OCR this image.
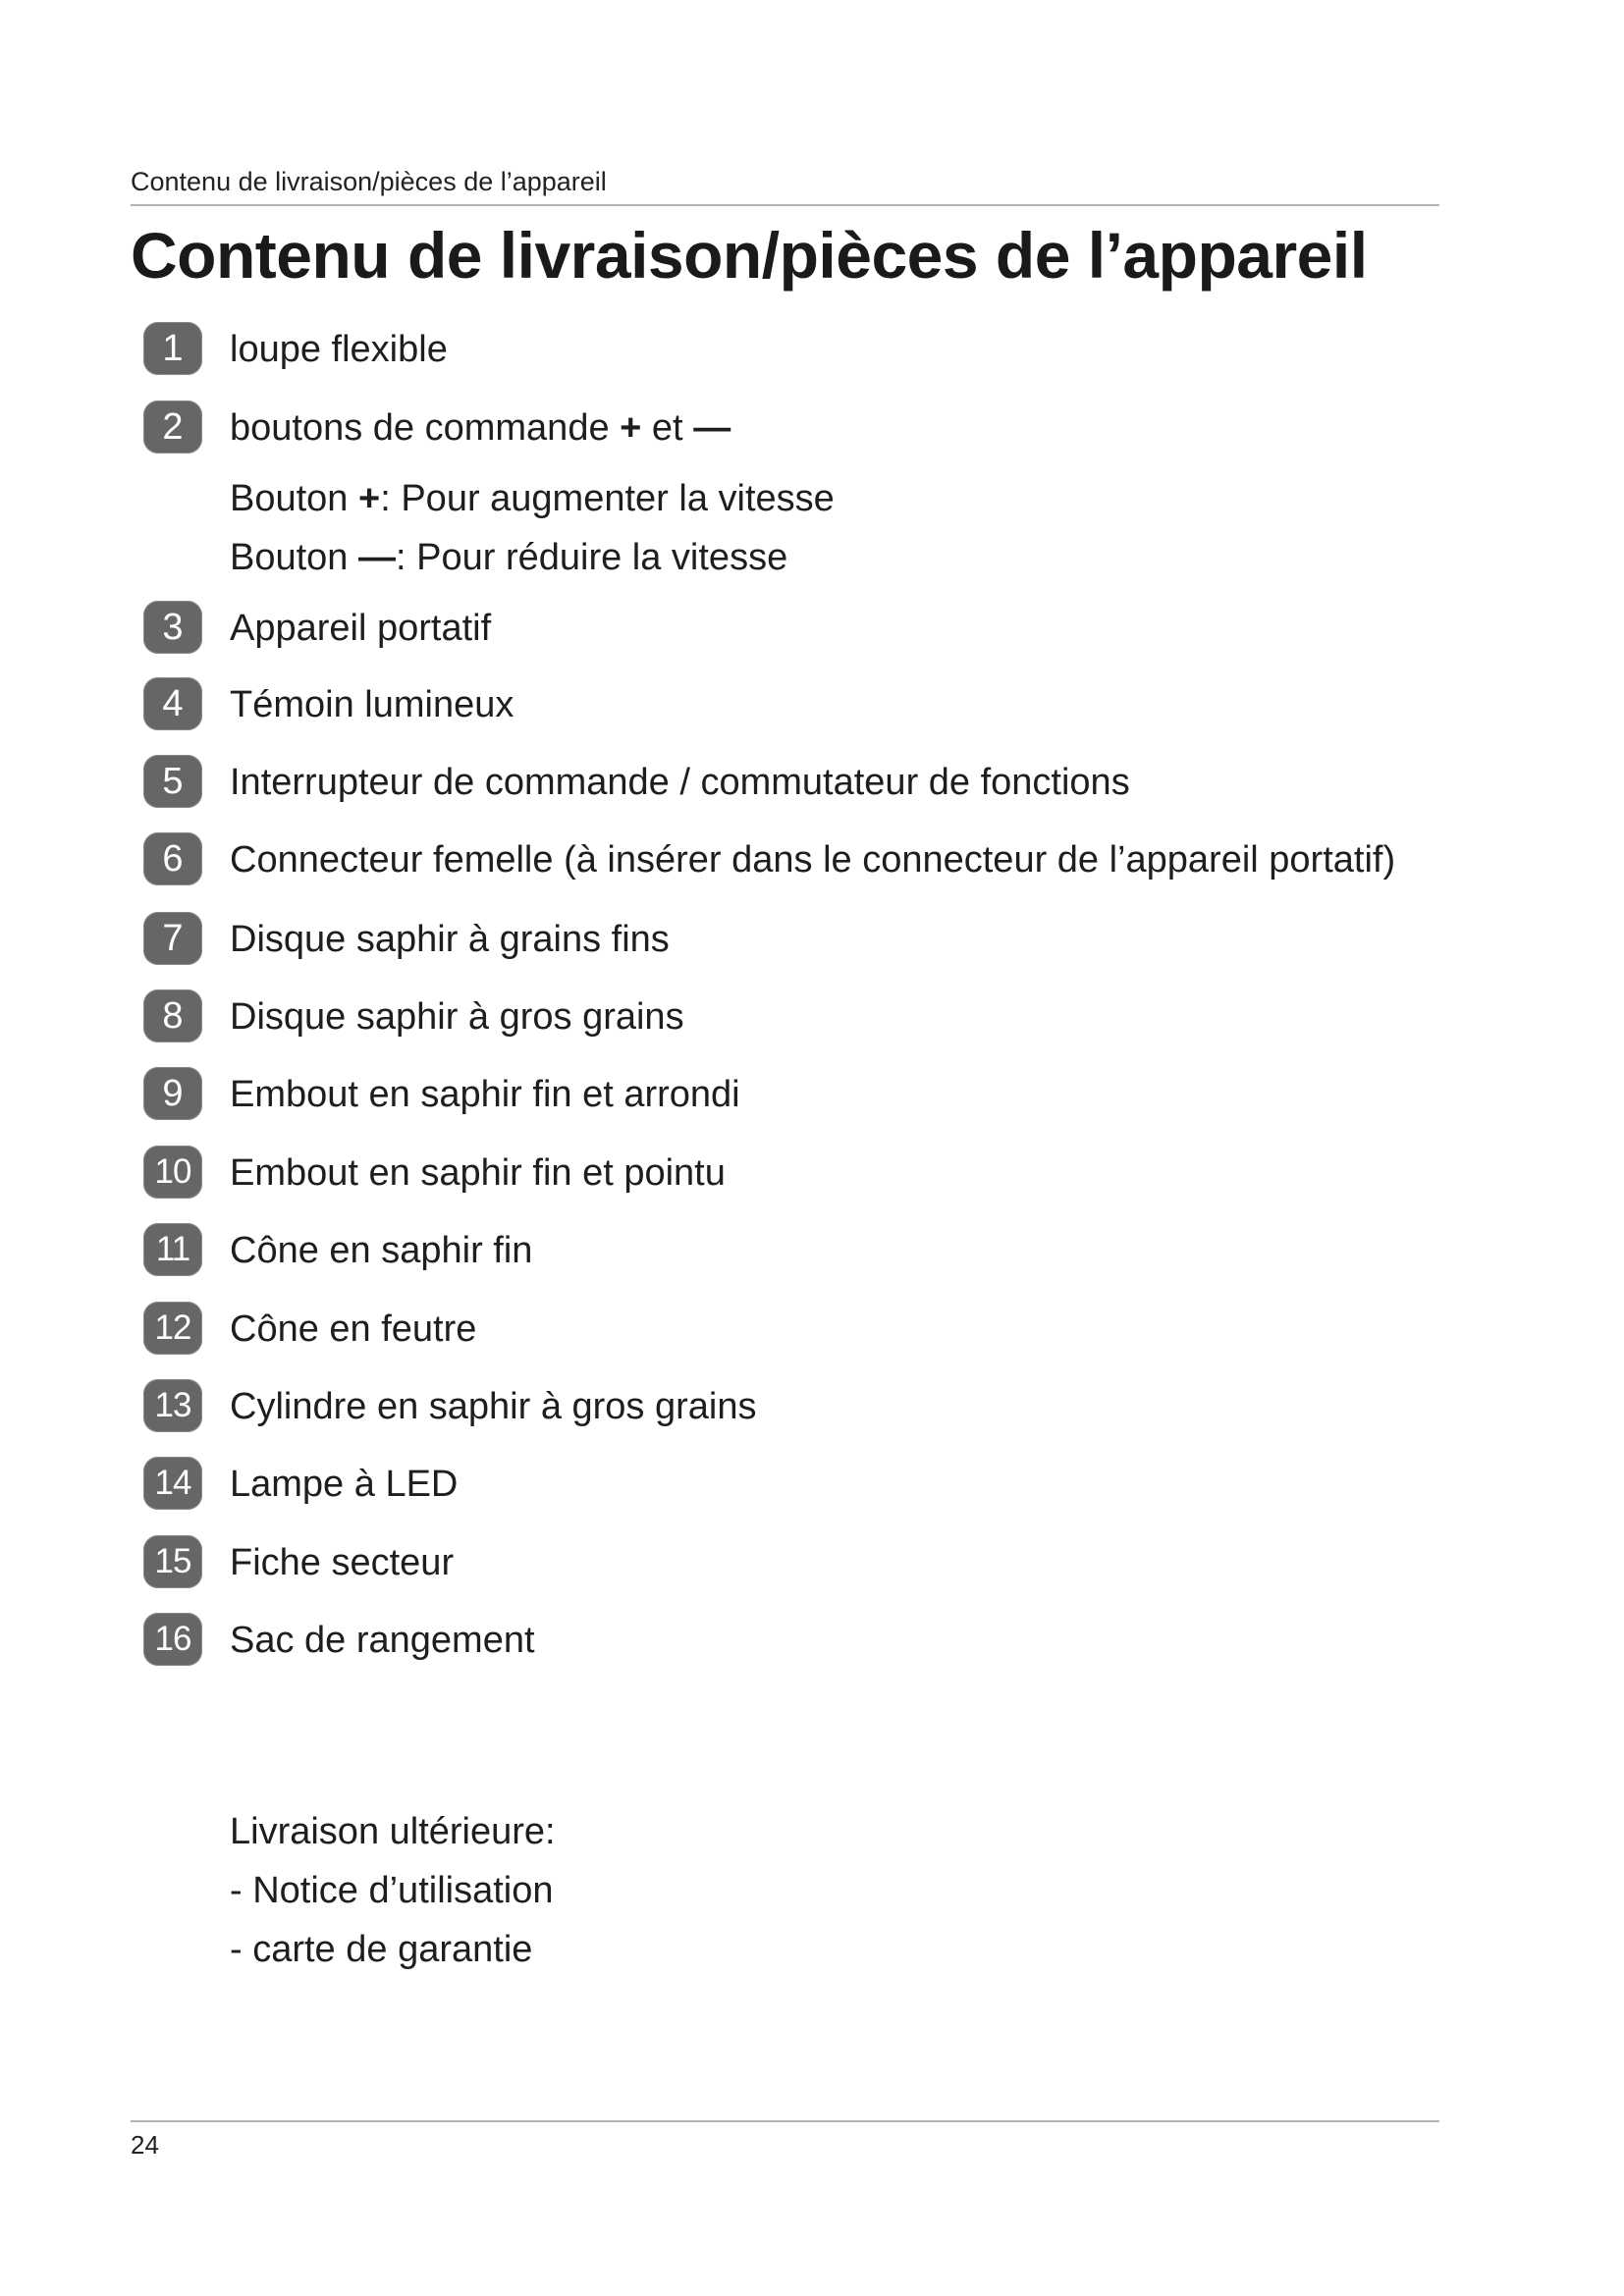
Contenu de livraison/pièces de l’appareil
Contenu de livraison/pièces de l’appareil
1	loupe flexible
2	boutons de commande + et —
Bouton +: Pour augmenter la vitesse
Bouton —: Pour réduire la vitesse
3	Appareil portatif
4	Témoin lumineux
5	Interrupteur de commande / commutateur de fonctions
6	Connecteur femelle (à insérer dans le connecteur de l’appareil portatif)
7	Disque saphir à grains fins
8	Disque saphir à gros grains
9	Embout en saphir fin et arrondi
10	Embout en saphir fin et pointu
11	Cône en saphir fin
12	Cône en feutre
13	Cylindre en saphir à gros grains
14	Lampe à LED
15	Fiche secteur
16	Sac de rangement
Livraison ultérieure:
- Notice d’utilisation
- carte de garantie
24
